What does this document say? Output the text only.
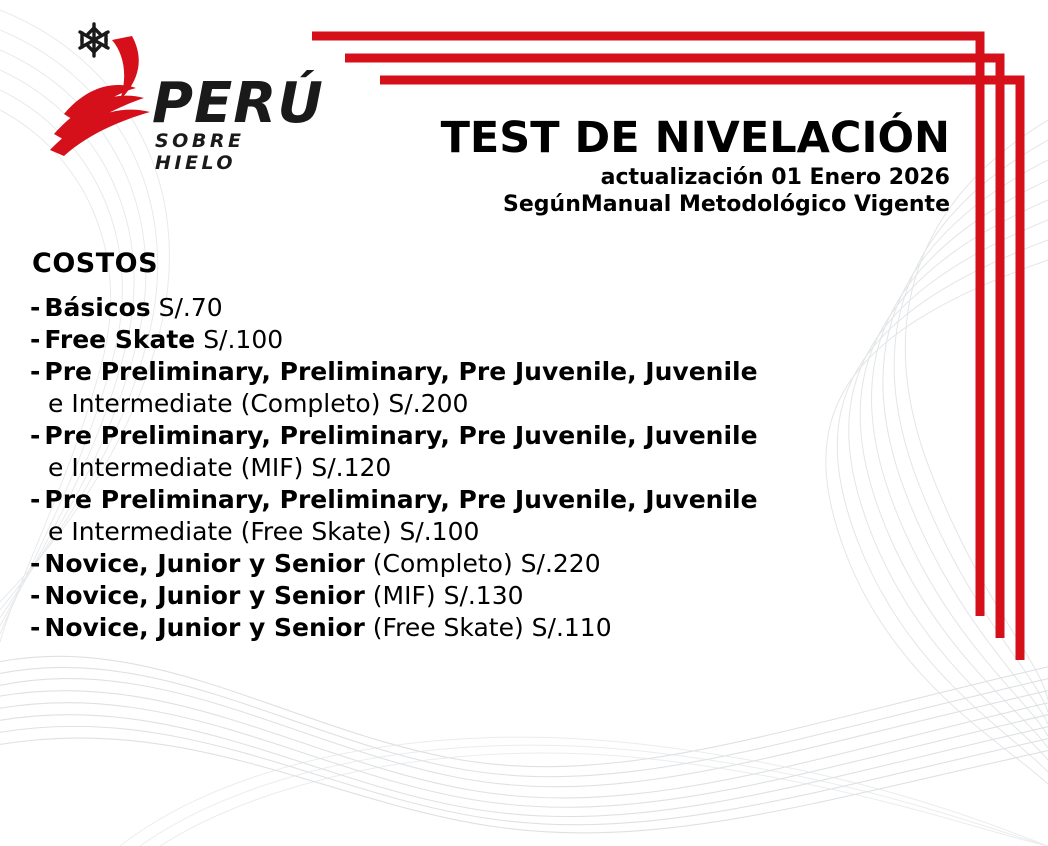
PERÚ
SOBRE HIELO	TEST DE NIVELACIÓN
actualización 01 Enero 2026
SegúnManual Metodológico Vigente
COSTOS
- Básicos S/.70
- Free Skate S/.100
- Pre Preliminary, Preliminary, Pre Juvenile, Juvenile
e Intermediate (Completo) S/.200
- Pre Preliminary, Preliminary, Pre Juvenile, Juvenile
e Intermediate (MIF) S/.120
- Pre Preliminary, Preliminary, Pre Juvenile, Juvenile
e Intermediate (Free Skate) S/.100
- Novice, Junior y Senior (Completo) S/.220
- Novice, Junior y Senior (MIF) S/.130
- Novice, Junior y Senior (Free Skate) S/.110
